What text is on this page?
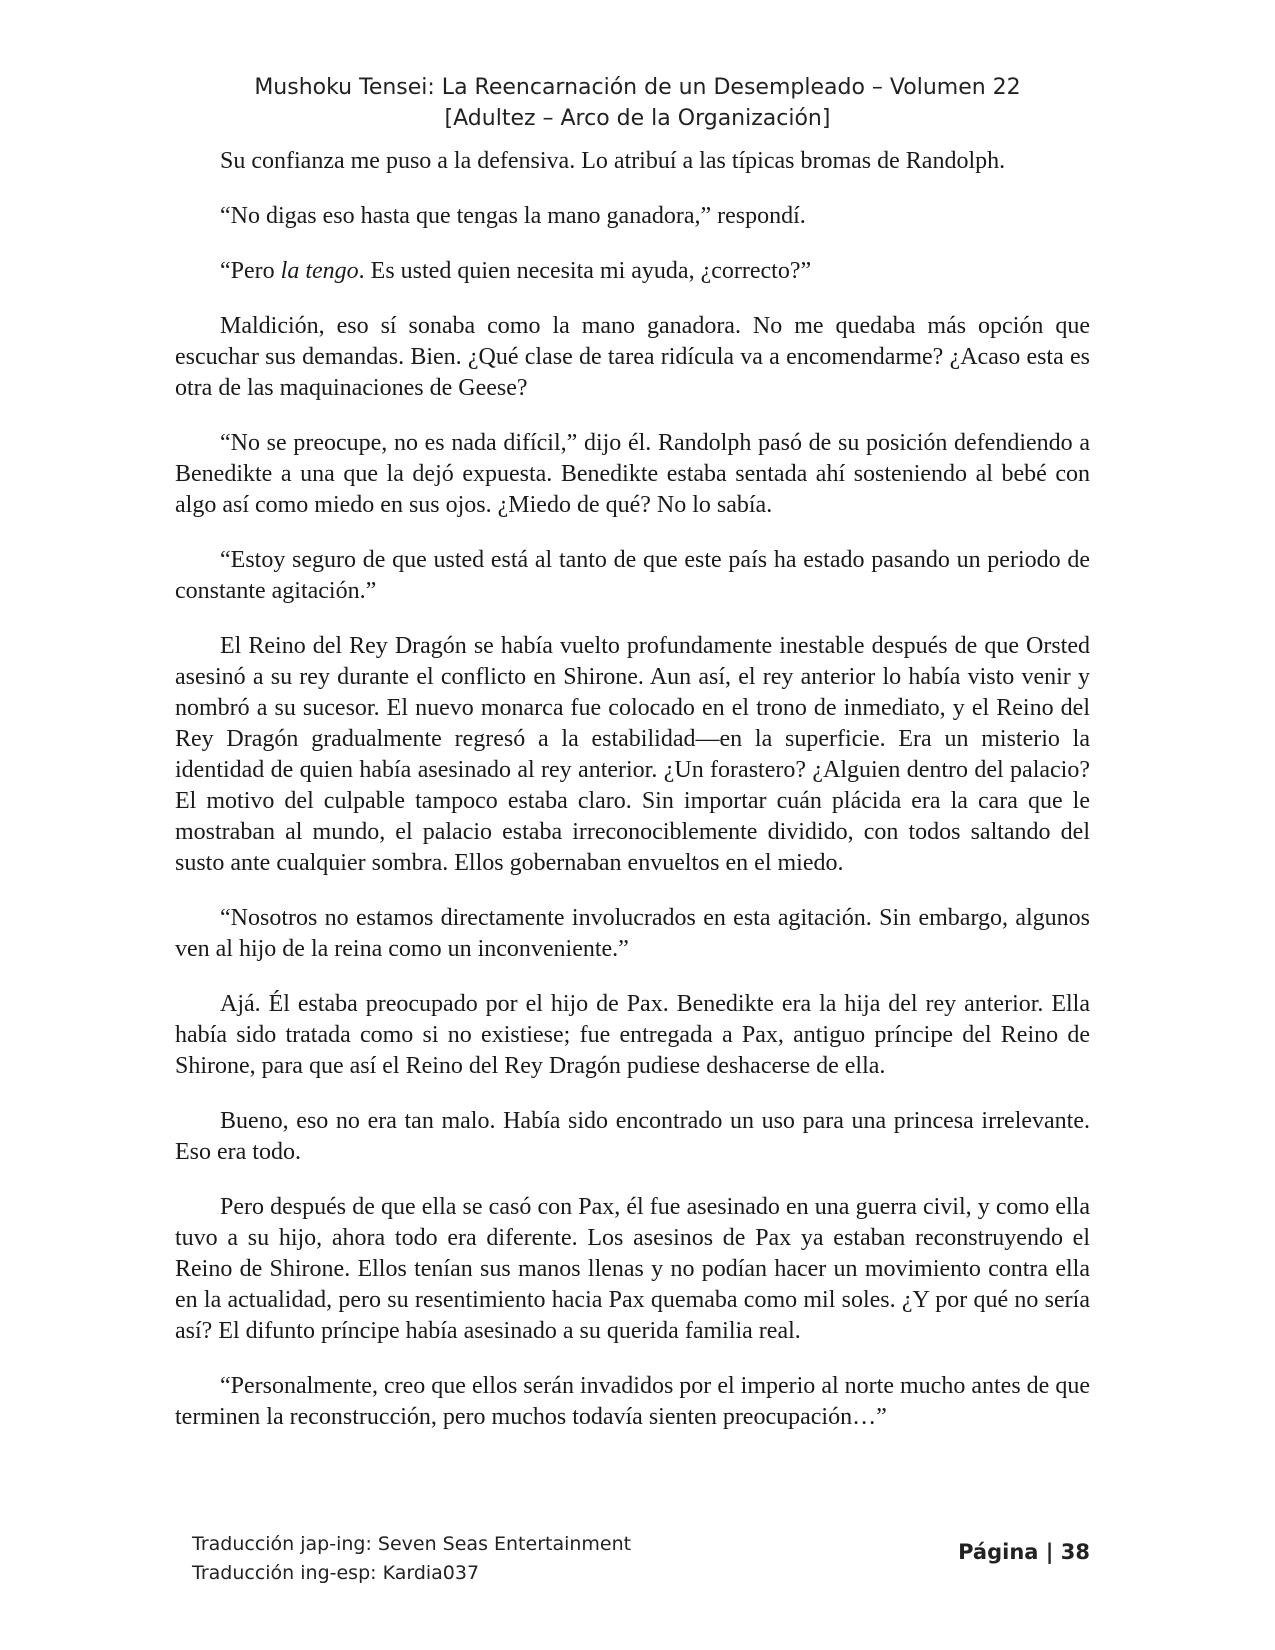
Mushoku Tensei: La Reencarnación de un Desempleado – Volumen 22
[Adultez – Arco de la Organización]

Su confianza me puso a la defensiva. Lo atribuí a las típicas bromas de Randolph.

“No digas eso hasta que tengas la mano ganadora,” respondí.

“Pero la tengo. Es usted quien necesita mi ayuda, ¿correcto?”

Maldición, eso sí sonaba como la mano ganadora. No me quedaba más opción que escuchar sus demandas. Bien. ¿Qué clase de tarea ridícula va a encomendarme? ¿Acaso esta es otra de las maquinaciones de Geese?

“No se preocupe, no es nada difícil,” dijo él. Randolph pasó de su posición defendiendo a Benedikte a una que la dejó expuesta. Benedikte estaba sentada ahí sosteniendo al bebé con algo así como miedo en sus ojos. ¿Miedo de qué? No lo sabía.

“Estoy seguro de que usted está al tanto de que este país ha estado pasando un periodo de constante agitación.”

El Reino del Rey Dragón se había vuelto profundamente inestable después de que Orsted asesinó a su rey durante el conflicto en Shirone. Aun así, el rey anterior lo había visto venir y nombró a su sucesor. El nuevo monarca fue colocado en el trono de inmediato, y el Reino del Rey Dragón gradualmente regresó a la estabilidad—en la superficie. Era un misterio la identidad de quien había asesinado al rey anterior. ¿Un forastero? ¿Alguien dentro del palacio? El motivo del culpable tampoco estaba claro. Sin importar cuán plácida era la cara que le mostraban al mundo, el palacio estaba irreconociblemente dividido, con todos saltando del susto ante cualquier sombra. Ellos gobernaban envueltos en el miedo.

“Nosotros no estamos directamente involucrados en esta agitación. Sin embargo, algunos ven al hijo de la reina como un inconveniente.”

Ajá. Él estaba preocupado por el hijo de Pax. Benedikte era la hija del rey anterior. Ella había sido tratada como si no existiese; fue entregada a Pax, antiguo príncipe del Reino de Shirone, para que así el Reino del Rey Dragón pudiese deshacerse de ella.

Bueno, eso no era tan malo. Había sido encontrado un uso para una princesa irrelevante. Eso era todo.

Pero después de que ella se casó con Pax, él fue asesinado en una guerra civil, y como ella tuvo a su hijo, ahora todo era diferente. Los asesinos de Pax ya estaban reconstruyendo el Reino de Shirone. Ellos tenían sus manos llenas y no podían hacer un movimiento contra ella en la actualidad, pero su resentimiento hacia Pax quemaba como mil soles. ¿Y por qué no sería así? El difunto príncipe había asesinado a su querida familia real.

“Personalmente, creo que ellos serán invadidos por el imperio al norte mucho antes de que terminen la reconstrucción, pero muchos todavía sienten preocupación…”

Traducción jap-ing: Seven Seas Entertainment
Traducción ing-esp: Kardia037
Página | 38
